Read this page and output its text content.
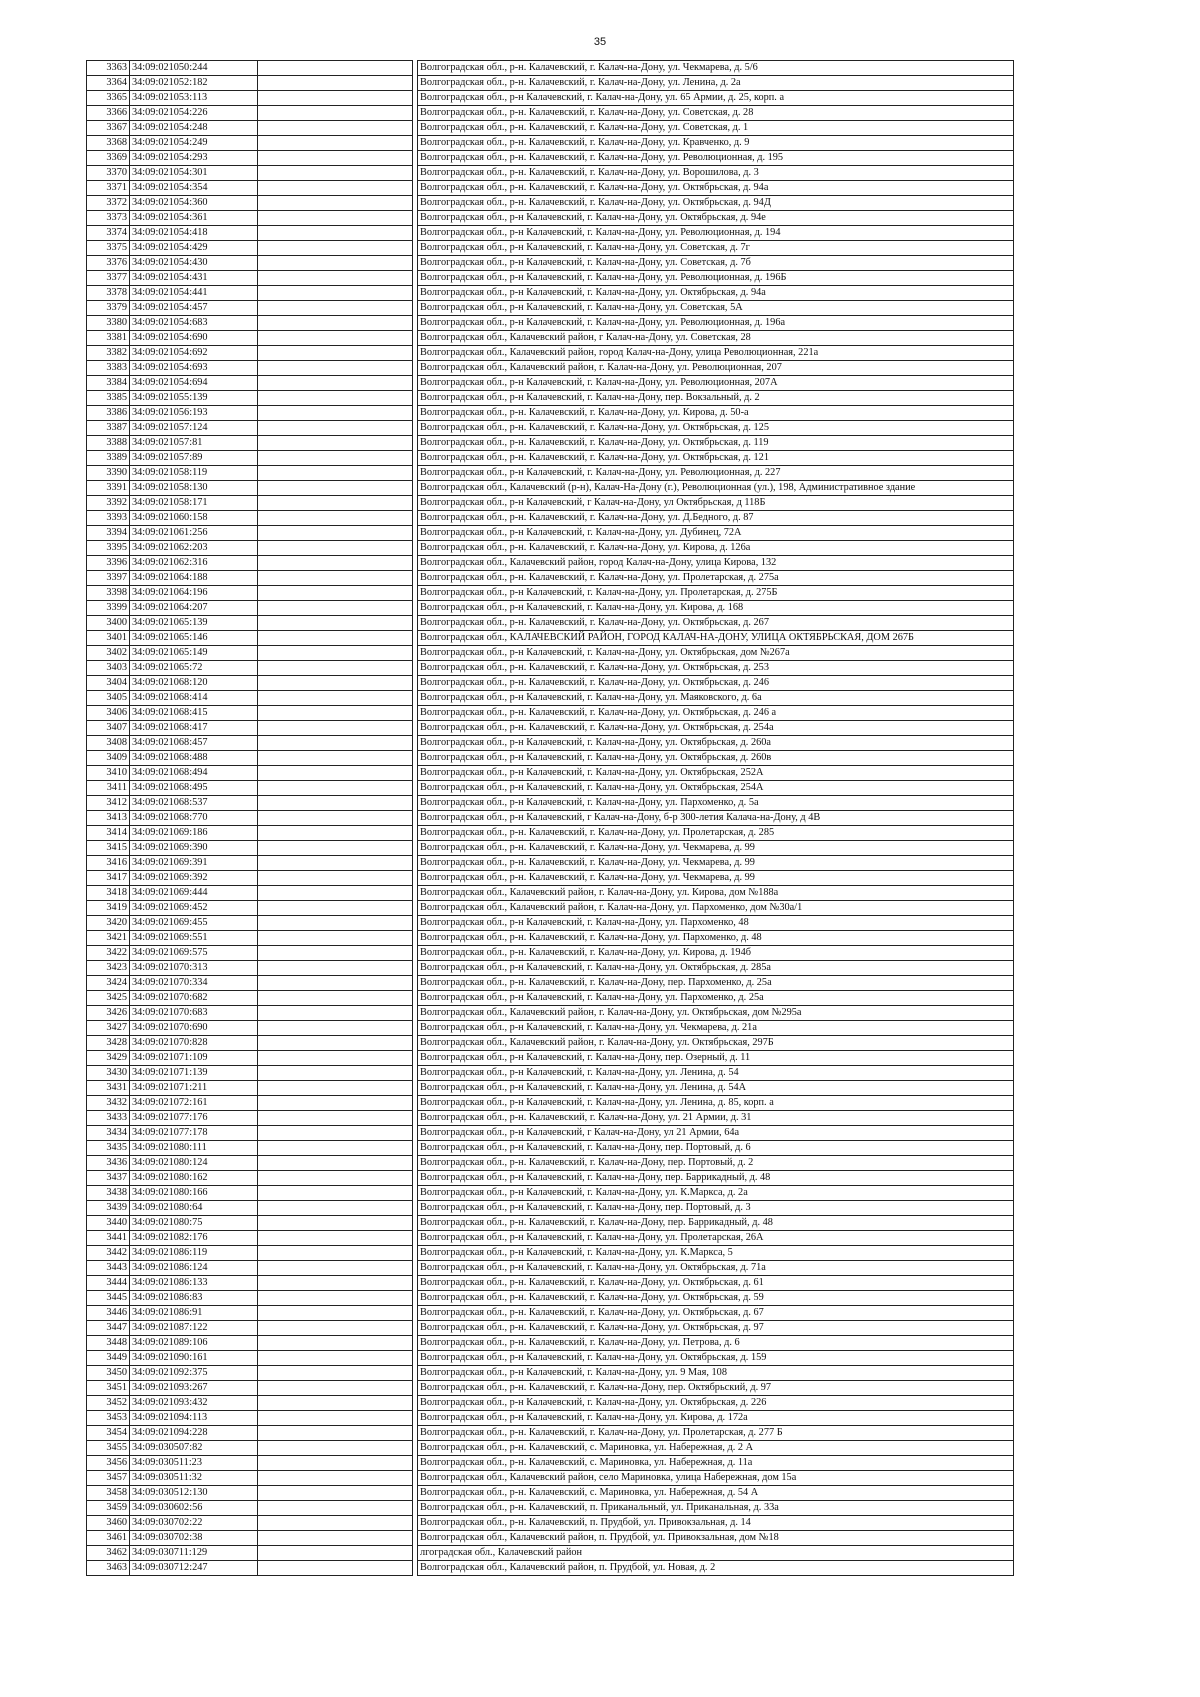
35
3363	34:09:021050:244			Волгоградская обл., р-н. Калачевский, г. Калач-на-Дону, ул. Чекмарева, д. 5/6	
3364	34:09:021052:182			Волгоградская обл., р-н. Калачевский, г. Калач-на-Дону, ул. Ленина, д. 2а	
3365	34:09:021053:113			Волгоградская обл., р-н Калачевский, г. Калач-на-Дону, ул. 65 Армии, д. 25, корп. а	
3366	34:09:021054:226			Волгоградская обл., р-н. Калачевский, г. Калач-на-Дону, ул. Советская, д. 28	
3367	34:09:021054:248			Волгоградская обл., р-н. Калачевский, г. Калач-на-Дону, ул. Советская, д. 1	
3368	34:09:021054:249			Волгоградская обл., р-н. Калачевский, г. Калач-на-Дону, ул. Кравченко, д. 9	
3369	34:09:021054:293			Волгоградская обл., р-н. Калачевский, г. Калач-на-Дону, ул. Революционная, д. 195	
3370	34:09:021054:301			Волгоградская обл., р-н. Калачевский, г. Калач-на-Дону, ул. Ворошилова, д. 3	
3371	34:09:021054:354			Волгоградская обл., р-н. Калачевский, г. Калач-на-Дону, ул. Октябрьская, д. 94а	
3372	34:09:021054:360			Волгоградская обл., р-н. Калачевский, г. Калач-на-Дону, ул. Октябрьская, д. 94Д	
3373	34:09:021054:361			Волгоградская обл., р-н Калачевский, г. Калач-на-Дону, ул. Октябрьская, д. 94е	
3374	34:09:021054:418			Волгоградская обл., р-н Калачевский, г. Калач-на-Дону, ул. Революционная, д. 194	
3375	34:09:021054:429			Волгоградская обл., р-н Калачевский, г. Калач-на-Дону, ул. Советская, д. 7г	
3376	34:09:021054:430			Волгоградская обл., р-н Калачевский, г. Калач-на-Дону, ул. Советская, д. 7б	
3377	34:09:021054:431			Волгоградская обл., р-н Калачевский, г. Калач-на-Дону, ул. Революционная, д. 196Б	
3378	34:09:021054:441			Волгоградская обл., р-н Калачевский, г. Калач-на-Дону, ул. Октябрьская, д. 94а	
3379	34:09:021054:457			Волгоградская обл., р-н Калачевский, г. Калач-на-Дону, ул. Советская, 5А	
3380	34:09:021054:683			Волгоградская обл., р-н Калачевский, г. Калач-на-Дону, ул. Революционная, д. 196а	
3381	34:09:021054:690			Волгоградская обл., Калачевский район, г Калач-на-Дону, ул. Советская, 28	
3382	34:09:021054:692			Волгоградская обл., Калачевский район, город Калач-на-Дону, улица Революционная, 221а	
3383	34:09:021054:693			Волгоградская обл., Калачевский район, г. Калач-на-Дону, ул. Революционная, 207	
3384	34:09:021054:694			Волгоградская обл., р-н Калачевский, г. Калач-на-Дону, ул. Революционная, 207А	
3385	34:09:021055:139			Волгоградская обл., р-н Калачевский, г. Калач-на-Дону, пер. Вокзальный, д. 2	
3386	34:09:021056:193			Волгоградская обл., р-н. Калачевский, г. Калач-на-Дону, ул. Кирова, д. 50-а	
3387	34:09:021057:124			Волгоградская обл., р-н. Калачевский, г. Калач-на-Дону, ул. Октябрьская, д. 125	
3388	34:09:021057:81			Волгоградская обл., р-н. Калачевский, г. Калач-на-Дону, ул. Октябрьская, д. 119	
3389	34:09:021057:89			Волгоградская обл., р-н. Калачевский, г. Калач-на-Дону, ул. Октябрьская, д. 121	
3390	34:09:021058:119			Волгоградская обл., р-н Калачевский, г. Калач-на-Дону, ул. Революционная, д. 227	
3391	34:09:021058:130			Волгоградская обл., Калачевский (р-н), Калач-На-Дону (г.), Революционная (ул.), 198, Административное здание	
3392	34:09:021058:171			Волгоградская обл., р-н Калачевский, г Калач-на-Дону, ул Октябрьская, д 118Б	
3393	34:09:021060:158			Волгоградская обл., р-н. Калачевский, г. Калач-на-Дону, ул. Д.Бедного, д. 87	
3394	34:09:021061:256			Волгоградская обл., р-н Калачевский, г. Калач-на-Дону, ул. Дубинец, 72А	
3395	34:09:021062:203			Волгоградская обл., р-н. Калачевский, г. Калач-на-Дону, ул. Кирова, д. 126а	
3396	34:09:021062:316			Волгоградская обл., Калачевский район, город Калач-на-Дону, улица Кирова, 132	
3397	34:09:021064:188			Волгоградская обл., р-н. Калачевский, г. Калач-на-Дону, ул. Пролетарская, д. 275а	
3398	34:09:021064:196			Волгоградская обл., р-н Калачевский, г. Калач-на-Дону, ул. Пролетарская, д. 275Б	
3399	34:09:021064:207			Волгоградская обл., р-н Калачевский, г. Калач-на-Дону, ул. Кирова, д. 168	
3400	34:09:021065:139			Волгоградская обл., р-н. Калачевский, г. Калач-на-Дону, ул. Октябрьская, д. 267	
3401	34:09:021065:146			Волгоградская обл., КАЛАЧЕВСКИЙ РАЙОН, ГОРОД КАЛАЧ-НА-ДОНУ, УЛИЦА ОКТЯБРЬСКАЯ, ДОМ 267Б	
3402	34:09:021065:149			Волгоградская обл., р-н Калачевский, г. Калач-на-Дону, ул. Октябрьская, дом №267а	
3403	34:09:021065:72			Волгоградская обл., р-н. Калачевский, г. Калач-на-Дону, ул. Октябрьская, д. 253	
3404	34:09:021068:120			Волгоградская обл., р-н. Калачевский, г. Калач-на-Дону, ул. Октябрьская, д. 246	
3405	34:09:021068:414			Волгоградская обл., р-н Калачевский, г. Калач-на-Дону, ул. Маяковского, д. 6а	
3406	34:09:021068:415			Волгоградская обл., р-н. Калачевский, г. Калач-на-Дону, ул. Октябрьская, д. 246 а	
3407	34:09:021068:417			Волгоградская обл., р-н. Калачевский, г. Калач-на-Дону, ул. Октябрьская, д. 254а	
3408	34:09:021068:457			Волгоградская обл., р-н Калачевский, г. Калач-на-Дону, ул. Октябрьская, д. 260а	
3409	34:09:021068:488			Волгоградская обл., р-н Калачевский, г. Калач-на-Дону, ул. Октябрьская, д. 260в	
3410	34:09:021068:494			Волгоградская обл., р-н Калачевский, г. Калач-на-Дону, ул. Октябрьская, 252А	
3411	34:09:021068:495			Волгоградская обл., р-н Калачевский, г. Калач-на-Дону, ул. Октябрьская, 254А	
3412	34:09:021068:537			Волгоградская обл., р-н Калачевский, г. Калач-на-Дону, ул. Пархоменко, д. 5а	
3413	34:09:021068:770			Волгоградская обл., р-н Калачевский, г Калач-на-Дону, б-р 300-летия Калача-на-Дону, д 4В	
3414	34:09:021069:186			Волгоградская обл., р-н. Калачевский, г. Калач-на-Дону, ул. Пролетарская, д. 285	
3415	34:09:021069:390			Волгоградская обл., р-н. Калачевский, г. Калач-на-Дону, ул. Чекмарева, д. 99	
3416	34:09:021069:391			Волгоградская обл., р-н. Калачевский, г. Калач-на-Дону, ул. Чекмарева, д. 99	
3417	34:09:021069:392			Волгоградская обл., р-н. Калачевский, г. Калач-на-Дону, ул. Чекмарева, д. 99	
3418	34:09:021069:444			Волгоградская обл., Калачевский район, г. Калач-на-Дону, ул. Кирова, дом №188а	
3419	34:09:021069:452			Волгоградская обл., Калачевский район, г. Калач-на-Дону, ул. Пархоменко, дом №30а/1	
3420	34:09:021069:455			Волгоградская обл., р-н Калачевский, г. Калач-на-Дону, ул. Пархоменко, 48	
3421	34:09:021069:551			Волгоградская обл., р-н. Калачевский, г. Калач-на-Дону, ул. Пархоменко, д. 48	
3422	34:09:021069:575			Волгоградская обл., р-н. Калачевский, г. Калач-на-Дону, ул. Кирова, д. 194б	
3423	34:09:021070:313			Волгоградская обл., р-н Калачевский, г. Калач-на-Дону, ул. Октябрьская, д. 285а	
3424	34:09:021070:334			Волгоградская обл., р-н. Калачевский, г. Калач-на-Дону, пер. Пархоменко, д. 25а	
3425	34:09:021070:682			Волгоградская обл., р-н Калачевский, г. Калач-на-Дону, ул. Пархоменко, д. 25а	
3426	34:09:021070:683			Волгоградская обл., Калачевский район, г. Калач-на-Дону, ул. Октябрьская, дом №295а	
3427	34:09:021070:690			Волгоградская обл., р-н Калачевский, г. Калач-на-Дону, ул. Чекмарева, д. 21а	
3428	34:09:021070:828			Волгоградская обл., Калачевский район, г. Калач-на-Дону, ул. Октябрьская, 297Б	
3429	34:09:021071:109			Волгоградская обл., р-н Калачевский, г. Калач-на-Дону, пер. Озерный, д. 11	
3430	34:09:021071:139			Волгоградская обл., р-н Калачевский, г. Калач-на-Дону, ул. Ленина, д. 54	
3431	34:09:021071:211			Волгоградская обл., р-н Калачевский, г. Калач-на-Дону, ул. Ленина, д. 54А	
3432	34:09:021072:161			Волгоградская обл., р-н Калачевский, г. Калач-на-Дону, ул. Ленина, д. 85, корп. а	
3433	34:09:021077:176			Волгоградская обл., р-н. Калачевский, г. Калач-на-Дону, ул. 21 Армии, д. 31	
3434	34:09:021077:178			Волгоградская обл., р-н Калачевский, г Калач-на-Дону, ул 21 Армии, 64а	
3435	34:09:021080:111			Волгоградская обл., р-н Калачевский, г. Калач-на-Дону, пер. Портовый, д. 6	
3436	34:09:021080:124			Волгоградская обл., р-н. Калачевский, г. Калач-на-Дону, пер. Портовый, д. 2	
3437	34:09:021080:162			Волгоградская обл., р-н Калачевский, г. Калач-на-Дону, пер. Баррикадный, д. 48	
3438	34:09:021080:166			Волгоградская обл., р-н Калачевский, г. Калач-на-Дону, ул. К.Маркса, д. 2а	
3439	34:09:021080:64			Волгоградская обл., р-н Калачевский, г. Калач-на-Дону, пер. Портовый, д. 3	
3440	34:09:021080:75			Волгоградская обл., р-н. Калачевский, г. Калач-на-Дону, пер. Баррикадный, д. 48	
3441	34:09:021082:176			Волгоградская обл., р-н Калачевский, г. Калач-на-Дону, ул. Пролетарская, 26А	
3442	34:09:021086:119			Волгоградская обл., р-н Калачевский, г. Калач-на-Дону, ул. К.Маркса, 5	
3443	34:09:021086:124			Волгоградская обл., р-н Калачевский, г. Калач-на-Дону, ул. Октябрьская, д. 71а	
3444	34:09:021086:133			Волгоградская обл., р-н. Калачевский, г. Калач-на-Дону, ул. Октябрьская, д. 61	
3445	34:09:021086:83			Волгоградская обл., р-н. Калачевский, г. Калач-на-Дону, ул. Октябрьская, д. 59	
3446	34:09:021086:91			Волгоградская обл., р-н. Калачевский, г. Калач-на-Дону, ул. Октябрьская, д. 67	
3447	34:09:021087:122			Волгоградская обл., р-н. Калачевский, г. Калач-на-Дону, ул. Октябрьская, д. 97	
3448	34:09:021089:106			Волгоградская обл., р-н. Калачевский, г. Калач-на-Дону, ул. Петрова, д. 6	
3449	34:09:021090:161			Волгоградская обл., р-н Калачевский, г. Калач-на-Дону, ул. Октябрьская, д. 159	
3450	34:09:021092:375			Волгоградская обл., р-н Калачевский, г. Калач-на-Дону, ул. 9 Мая, 108	
3451	34:09:021093:267			Волгоградская обл., р-н. Калачевский, г. Калач-на-Дону, пер. Октябрьский, д. 97	
3452	34:09:021093:432			Волгоградская обл., р-н Калачевский, г. Калач-на-Дону, ул. Октябрьская, д. 226	
3453	34:09:021094:113			Волгоградская обл., р-н Калачевский, г. Калач-на-Дону, ул. Кирова, д. 172а	
3454	34:09:021094:228			Волгоградская обл., р-н. Калачевский, г. Калач-на-Дону, ул. Пролетарская, д. 277 Б	
3455	34:09:030507:82			Волгоградская обл., р-н. Калачевский, с. Мариновка, ул. Набережная, д. 2 А	
3456	34:09:030511:23			Волгоградская обл., р-н. Калачевский, с. Мариновка, ул. Набережная, д. 11а	
3457	34:09:030511:32			Волгоградская обл., Калачевский район, село Мариновка, улица Набережная, дом 15а	
3458	34:09:030512:130			Волгоградская обл., р-н. Калачевский, с. Мариновка, ул. Набережная, д. 54 А	
3459	34:09:030602:56			Волгоградская обл., р-н. Калачевский, п. Приканальный, ул. Приканальная, д. 33а	
3460	34:09:030702:22			Волгоградская обл., р-н. Калачевский, п. Прудбой, ул. Привокзальная, д. 14	
3461	34:09:030702:38			Волгоградская обл., Калачевский район, п. Прудбой, ул. Привокзальная, дом №18	
3462	34:09:030711:129			лгоградская обл., Калачевский район	
3463	34:09:030712:247			Волгоградская обл., Калачевский район, п. Прудбой, ул. Новая, д. 2	
